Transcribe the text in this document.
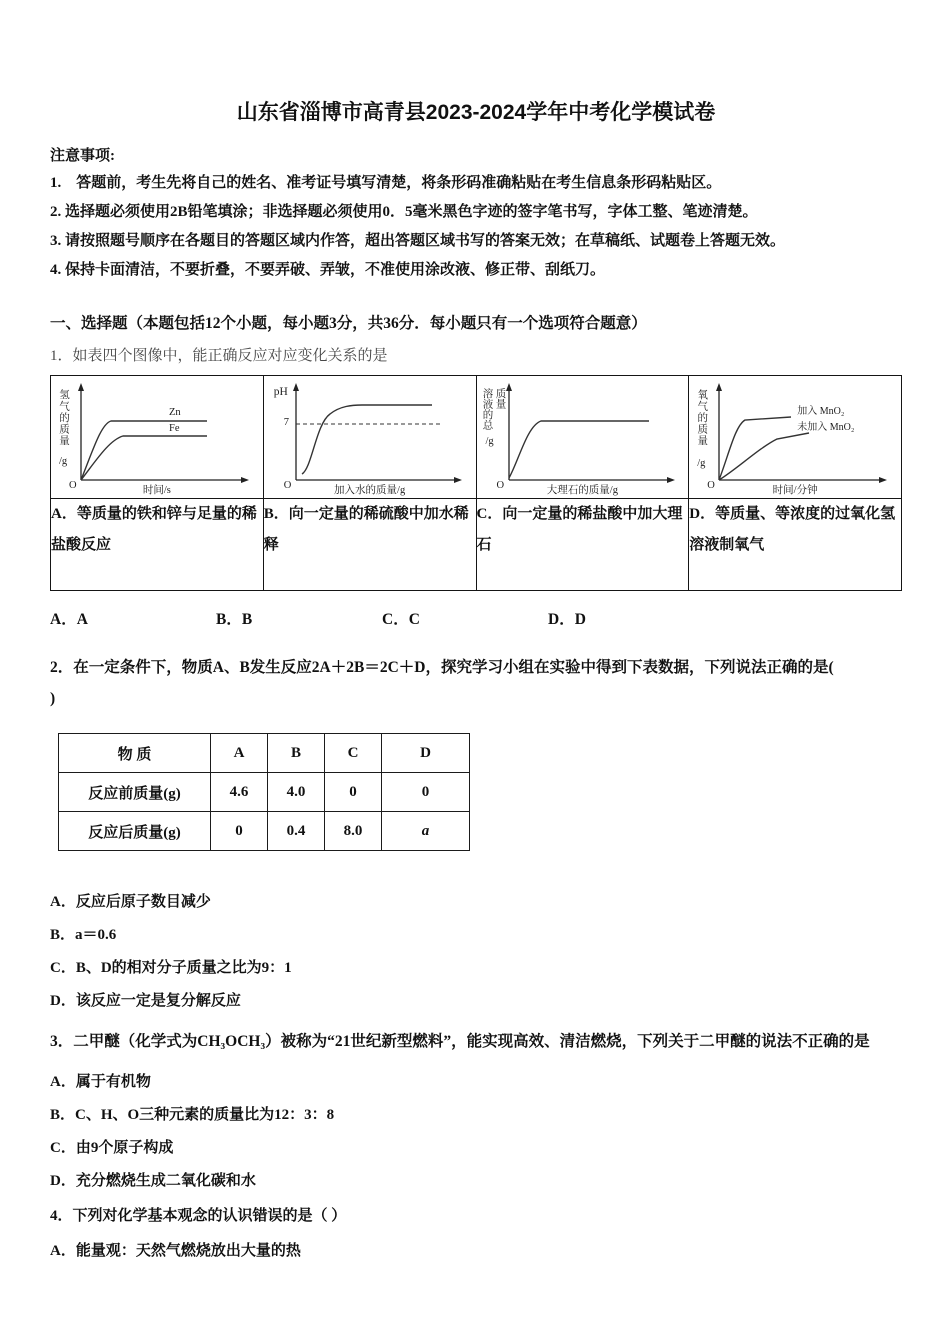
山东省淄博市高青县2023-2024学年中考化学模试卷
注意事项:
1.    答题前，考生先将自己的姓名、准考证号填写清楚，将条形码准确粘贴在考生信息条形码粘贴区。
2. 选择题必须使用2B铅笔填涂；非选择题必须使用0．5毫米黑色字迹的签字笔书写，字体工整、笔迹清楚。
3. 请按照题号顺序在各题目的答题区域内作答，超出答题区域书写的答案无效；在草稿纸、试题卷上答题无效。
4. 保持卡面清洁，不要折叠，不要弄破、弄皱，不准使用涂改液、修正带、刮纸刀。
一、选择题（本题包括12个小题，每小题3分，共36分．每小题只有一个选项符合题意）
1．如表四个图像中，能正确反应对应变化关系的是
氢气的质量
/g
O
Zn
Fe
时间/s

pH
7
O	加入水的质量/g

溶液的总质量
/g
O	大理石的质量/g

氧气的质量
/g
O
加入 MnO₂
未加入 MnO₂
时间/分钟

A．等质量的铁和锌与足量的稀盐酸反应	B．向一定量的稀硫酸中加水稀释	C．向一定量的稀盐酸中加大理石	D．等质量、等浓度的过氧化氢溶液制氧气
A．A	B．B	C．C	D．D
2．在一定条件下，物质A、B发生反应2A＋2B＝2C＋D，探究学习小组在实验中得到下表数据，下列说法正确的是(
)
物 质	A	B	C	D
反应前质量(g)	4.6	4.0	0	0
反应后质量(g)	0	0.4	8.0	a
A．反应后原子数目减少
B．a＝0.6
C．B、D的相对分子质量之比为9：1
D．该反应一定是复分解反应
3．二甲醚（化学式为CH₃OCH₃）被称为“21世纪新型燃料”，能实现高效、清洁燃烧，下列关于二甲醚的说法不正确的是
A．属于有机物
B．C、H、O三种元素的质量比为12：3：8
C．由9个原子构成
D．充分燃烧生成二氧化碳和水
4．下列对化学基本观念的认识错误的是（ ）
A．能量观：天然气燃烧放出大量的热
